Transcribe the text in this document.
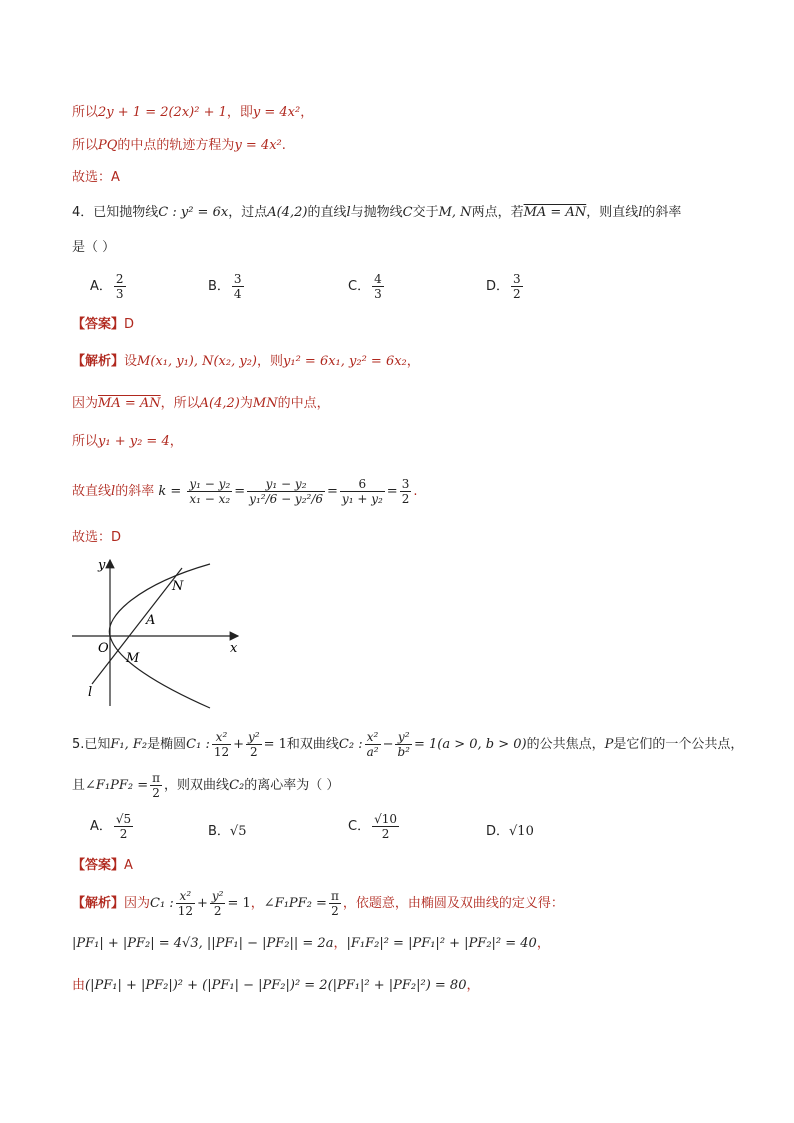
所以2y + 1 = 2(2x)² + 1，即y = 4x²，
所以PQ的中点的轨迹方程为y = 4x².
故选：A
4．已知抛物线C : y² = 6x，过点A(4,2)的直线l与抛物线C交于M, N两点，若MA = AN，则直线l的斜率
是（ ）
A． $\frac{2}{3}$	B． $\frac{3}{4}$	C． $\frac{4}{3}$	D． $\frac{3}{2}$
【答案】D
【解析】设M(x₁, y₁), N(x₂, y₂)，则y₁² = 6x₁, y₂² = 6x₂，
因为MA = AN，所以A(4,2)为MN的中点，
所以y₁ + y₂ = 4，
故直线l的斜率 $k = \frac{\text{y₁ − y₂}}{\text{x₁ − x₂}} = \frac{\text{y₁ − y₂}}{\text{y₁²/6 − y₂²/6}} = \frac{6}{\text{y₁ + y₂}} = \frac{3}{2}$ .
故选：D
y
x
O
N
A
M
l
5.已知F₁, F₂是椭圆C₁ : $\frac{\text{x²}}{12} + \frac{\text{y²}}{2} = 1$和双曲线C₂ : $\frac{\text{x²}}{\text{a²}} - \frac{\text{y²}}{\text{b²}} = 1(a > 0$, b > 0)的公共焦点，P是它们的一个公共点，
且∠F₁PF₂ = $\frac{\pi}{2}$ ，则双曲线C₂的离心率为（ ）
A． $\frac{√5}{2}$	B．√5	C． $\frac{√10}{2}$	D．√10
【答案】A
【解析】因为C₁ : $\frac{\text{x²}}{12} + \frac{\text{y²}}{2} = 1$，∠F₁PF₂ = $\frac{\pi}{2}$ ，依题意，由椭圆及双曲线的定义得：
|PF₁| + |PF₂| = 4√3, ||PF₁| − |PF₂|| = 2a，|F₁F₂|² = |PF₁|² + |PF₂|² = 40，
由(|PF₁| + |PF₂|)² + (|PF₁| − |PF₂|)² = 2(|PF₁|² + |PF₂|²) = 80，
